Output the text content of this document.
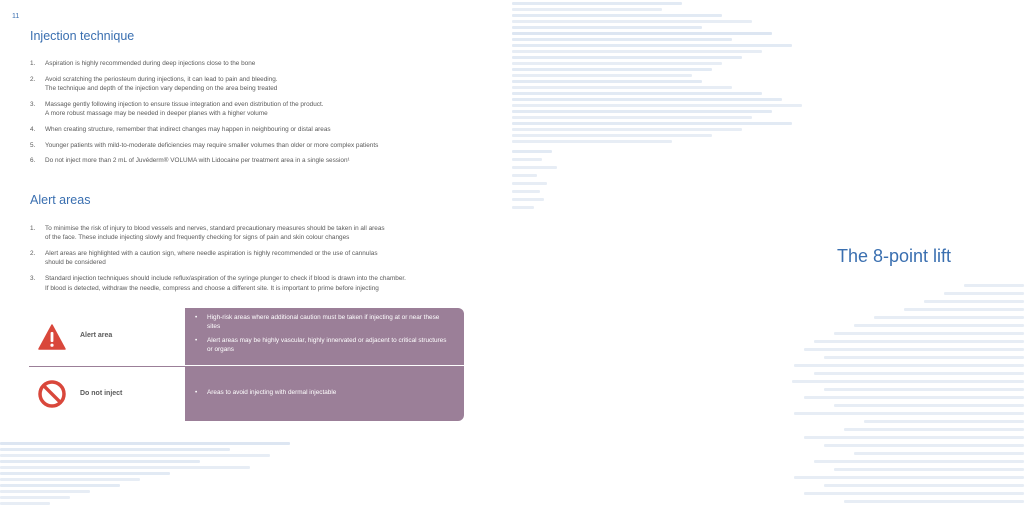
11
Injection technique
1. Aspiration is highly recommended during deep injections close to the bone
2. Avoid scratching the periosteum during injections, it can lead to pain and bleeding.
The technique and depth of the injection vary depending on the area being treated
3. Massage gently following injection to ensure tissue integration and even distribution of the product.
A more robust massage may be needed in deeper planes with a higher volume
4. When creating structure, remember that indirect changes may happen in neighbouring or distal areas
5. Younger patients with mild-to-moderate deficiencies may require smaller volumes than older or more complex patients
6. Do not inject more than 2 mL of Juvéderm® VOLUMA with Lidocaine per treatment area in a single session¹
Alert areas
1. To minimise the risk of injury to blood vessels and nerves, standard precautionary measures should be taken in all areas
of the face. These include injecting slowly and frequently checking for signs of pain and skin colour changes
2. Alert areas are highlighted with a caution sign, where needle aspiration is highly recommended or the use of cannulas
should be considered
3. Standard injection techniques should include reflux/aspiration of the syringe plunger to check if blood is drawn into the chamber.
If blood is detected, withdraw the needle, compress and choose a different site. It is important to prime before injecting
Alert area
• High-risk areas where additional caution must be taken if injecting at or near these sites
• Alert areas may be highly vascular, highly innervated or adjacent to critical structures or organs
Do not inject
•	Areas to avoid injecting with dermal injectable
The 8-point lift
